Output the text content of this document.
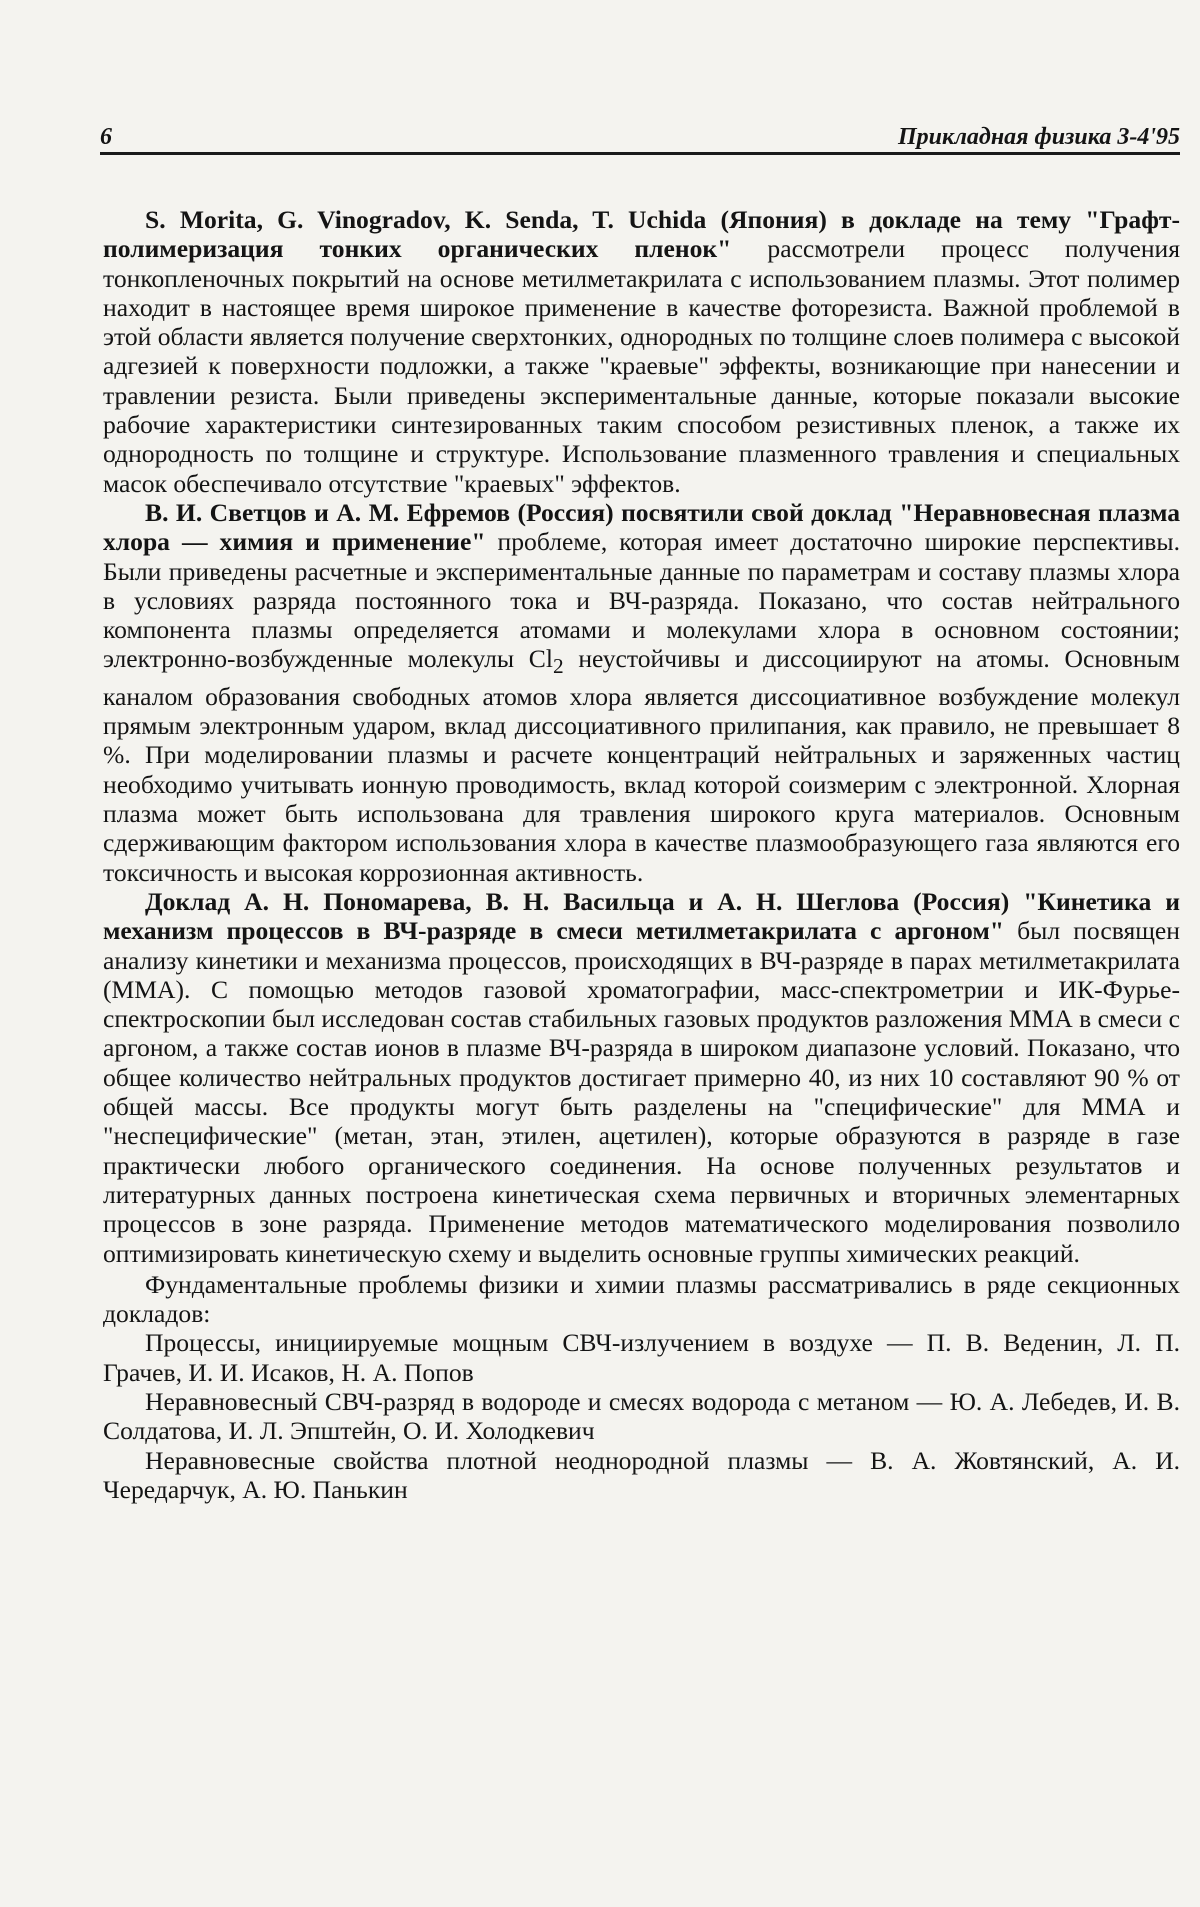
6	Прикладная физика 3-4'95

S. Morita, G. Vinogradov, K. Senda, T. Uchida (Япония) в докладе на тему "Графт-полимеризация тонких органических пленок" рассмотрели процесс получения тонкопленочных покрытий на основе метилметакрилата с использованием плазмы. Этот полимер находит в настоящее время широкое применение в качестве фоторезиста. Важной проблемой в этой области является получение сверхтонких, однородных по толщине слоев полимера с высокой адгезией к поверхности подложки, а также "краевые" эффекты, возникающие при нанесении и травлении резиста. Были приведены экспериментальные данные, которые показали высокие рабочие характеристики синтезированных таким способом резистивных пленок, а также их однородность по толщине и структуре. Использование плазменного травления и специальных масок обеспечивало отсутствие "краевых" эффектов.

В. И. Светцов и А. М. Ефремов (Россия) посвятили свой доклад "Неравновесная плазма хлора — химия и применение" проблеме, которая имеет достаточно широкие перспективы. Были приведены расчетные и экспериментальные данные по параметрам и составу плазмы хлора в условиях разряда постоянного тока и ВЧ-разряда. Показано, что состав нейтрального компонента плазмы определяется атомами и молекулами хлора в основном состоянии; электронно-возбужденные молекулы $Cl_2$ неустойчивы и диссоциируют на атомы. Основным каналом образования свободных атомов хлора является диссоциативное возбуждение молекул прямым электронным ударом, вклад диссоциативного прилипания, как правило, не превышает 8 %. При моделировании плазмы и расчете концентраций нейтральных и заряженных частиц необходимо учитывать ионную проводимость, вклад которой соизмерим с электронной. Хлорная плазма может быть использована для травления широкого круга материалов. Основным сдерживающим фактором использования хлора в качестве плазмообразующего газа являются его токсичность и высокая коррозионная активность.

Доклад А. Н. Пономарева, В. Н. Васильца и А. Н. Шеглова (Россия) "Кинетика и механизм процессов в ВЧ-разряде в смеси метилметакрилата с аргоном" был посвящен анализу кинетики и механизма процессов, происходящих в ВЧ-разряде в парах метилметакрилата (ММА). С помощью методов газовой хроматографии, масс-спектрометрии и ИК-Фурье-спектроскопии был исследован состав стабильных газовых продуктов разложения ММА в смеси с аргоном, а также состав ионов в плазме ВЧ-разряда в широком диапазоне условий. Показано, что общее количество нейтральных продуктов достигает примерно 40, из них 10 составляют 90 % от общей массы. Все продукты могут быть разделены на "специфические" для ММА и "неспецифические" (метан, этан, этилен, ацетилен), которые образуются в разряде в газе практически любого органического соединения. На основе полученных результатов и литературных данных построена кинетическая схема первичных и вторичных элементарных процессов в зоне разряда. Применение методов математического моделирования позволило оптимизировать кинетическую схему и выделить основные группы химических реакций.

Фундаментальные проблемы физики и химии плазмы рассматривались в ряде секционных докладов:

Процессы, инициируемые мощным СВЧ-излучением в воздухе — П. В. Веденин, Л. П. Грачев, И. И. Исаков, Н. А. Попов

Неравновесный СВЧ-разряд в водороде и смесях водорода с метаном — Ю. А. Лебедев, И. В. Солдатова, И. Л. Эпштейн, О. И. Холодкевич

Неравновесные свойства плотной неоднородной плазмы — В. А. Жовтянский, А. И. Чередарчук, А. Ю. Панькин
